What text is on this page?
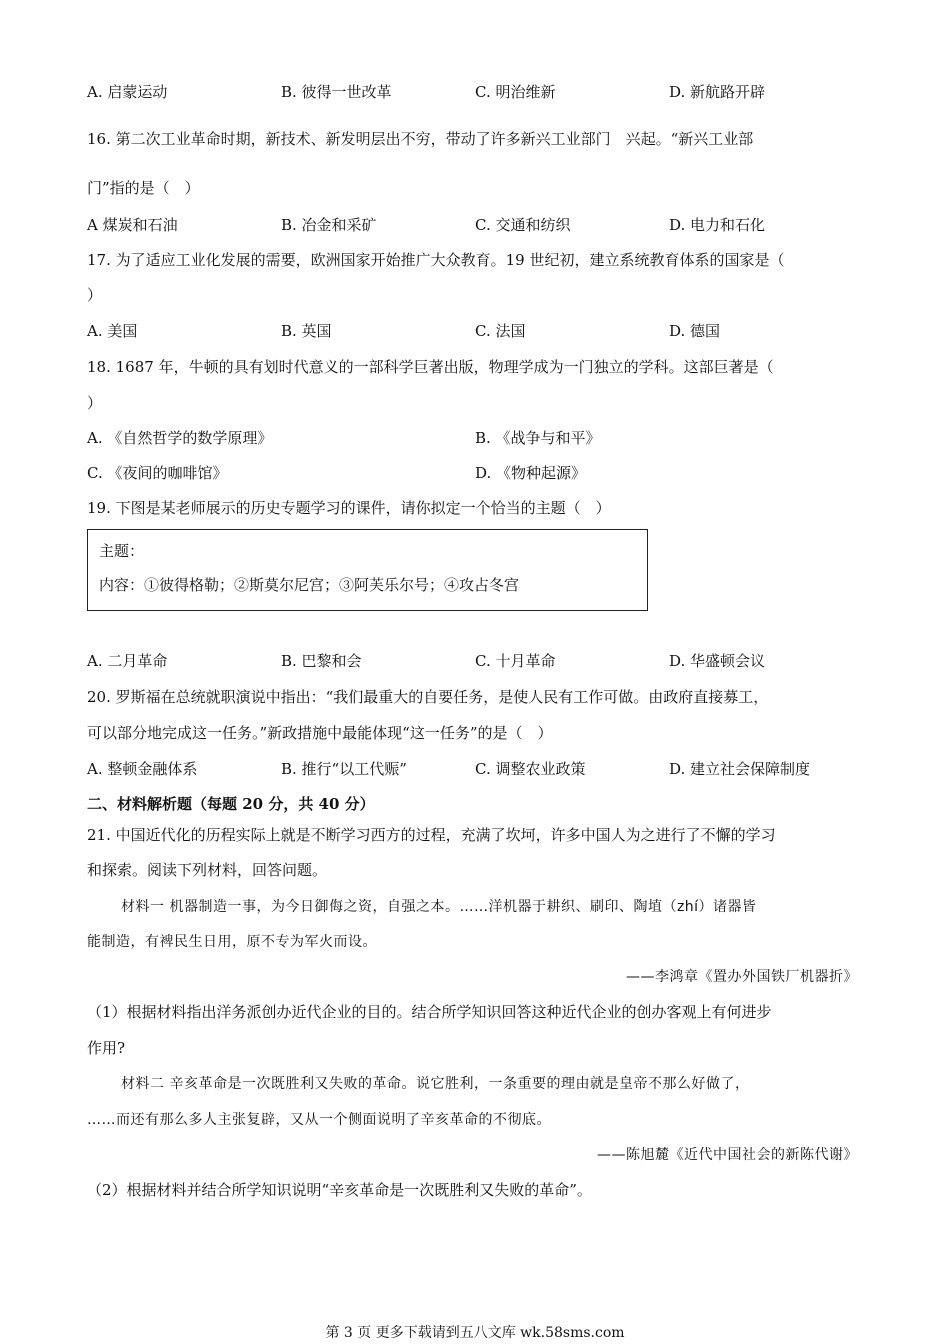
A. 启蒙运动	B. 彼得一世改革	C. 明治维新	D. 新航路开辟
16. 第二次工业革命时期，新技术、新发明层出不穷，带动了许多新兴工业部门　兴起。“新兴工业部
门”指的是（　）
A 煤炭和石油	B. 冶金和采矿	C. 交通和纺织	D. 电力和石化
17. 为了适应工业化发展的需要，欧洲国家开始推广大众教育。19 世纪初，建立系统教育体系的国家是（
）
A. 美国	B. 英国	C. 法国	D. 德国
18. 1687 年，牛顿的具有划时代意义的一部科学巨著出版，物理学成为一门独立的学科。这部巨著是（
）
A. 《自然哲学的数学原理》	B. 《战争与和平》
C. 《夜间的咖啡馆》	D. 《物种起源》
19. 下图是某老师展示的历史专题学习的课件，请你拟定一个恰当的主题（　）
主题：
内容：①彼得格勒；②斯莫尔尼宫；③阿芙乐尔号；④攻占冬宫
A. 二月革命	B. 巴黎和会	C. 十月革命	D. 华盛顿会议
20. 罗斯福在总统就职演说中指出：“我们最重大的自要任务，是使人民有工作可做。由政府直接募工，
可以部分地完成这一任务。”新政措施中最能体现“这一任务”的是（　）
A. 整顿金融体系	B. 推行“以工代赈”	C. 调整农业政策	D. 建立社会保障制度
二、材料解析题（每题 20 分，共 40 分）
21. 中国近代化的历程实际上就是不断学习西方的过程，充满了坎坷，许多中国人为之进行了不懈的学习
和探索。阅读下列材料，回答问题。
材料一 机器制造一事，为今日御侮之资，自强之本。……洋机器于耕织、刷印、陶埴（zhí）诸器皆
能制造，有裨民生日用，原不专为军火而设。
——李鸿章《置办外国铁厂机器折》
（1）根据材料指出洋务派创办近代企业的目的。结合所学知识回答这种近代企业的创办客观上有何进步
作用?
材料二 辛亥革命是一次既胜利又失败的革命。说它胜利，一条重要的理由就是皇帝不那么好做了，
……而还有那么多人主张复辟，又从一个侧面说明了辛亥革命的不彻底。
——陈旭麓《近代中国社会的新陈代谢》
（2）根据材料并结合所学知识说明“辛亥革命是一次既胜利又失败的革命”。
第 3 页 更多下载请到五八文库 wk.58sms.com
